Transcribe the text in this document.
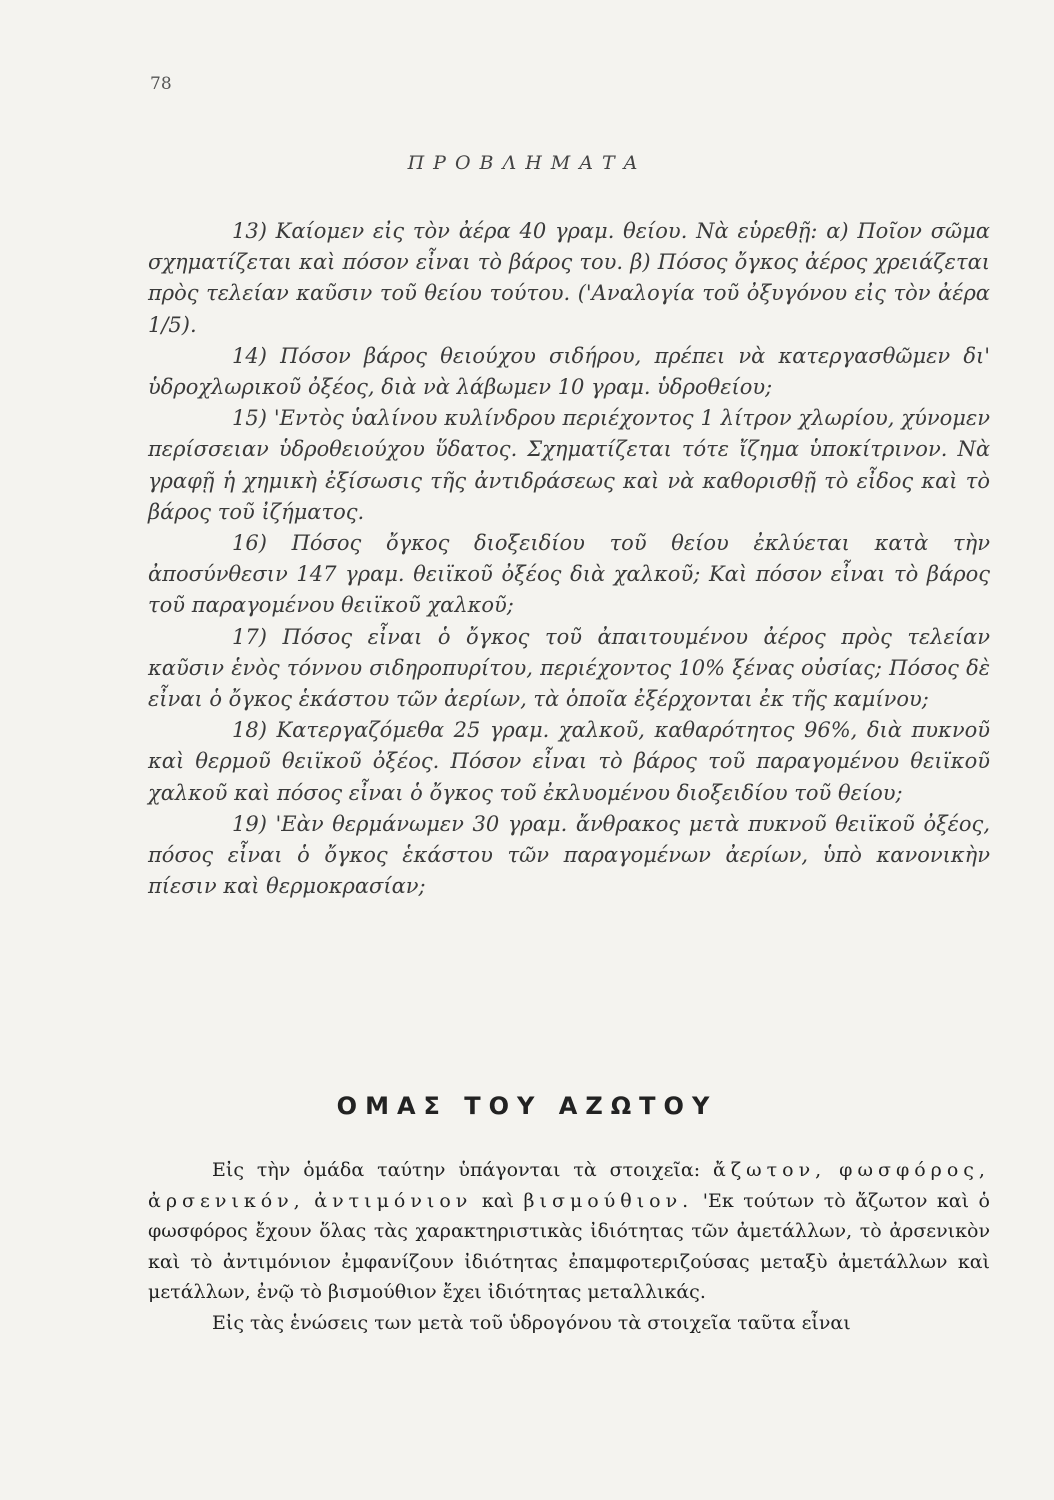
78
ΠΡΟΒΛΗΜΑΤΑ

13) Καίομεν εἰς τὸν ἀέρα 40 γραμ. θείου. Νὰ εὑρεθῇ: α) Ποῖον σῶμα σχηματίζεται καὶ πόσον εἶναι τὸ βάρος του. β) Πόσος ὄγκος ἀέρος χρειάζεται πρὸς τελείαν καῦσιν τοῦ θείου τούτου. ('Αναλογία τοῦ ὀξυγόνου εἰς τὸν ἀέρα 1/5).

14) Πόσον βάρος θειούχου σιδήρου, πρέπει νὰ κατεργασθῶμεν δι' ὑδροχλωρικοῦ ὀξέος, διὰ νὰ λάβωμεν 10 γραμ. ὑδροθείου;

15) 'Εντὸς ὑαλίνου κυλίνδρου περιέχοντος 1 λίτρον χλωρίου, χύνομεν περίσσειαν ὑδροθειούχου ὕδατος. Σχηματίζεται τότε ἴζημα ὑποκίτρινον. Νὰ γραφῇ ἡ χημικὴ ἐξίσωσις τῆς ἀντιδράσεως καὶ νὰ καθορισθῇ τὸ εἶδος καὶ τὸ βάρος τοῦ ἰζήματος.

16) Πόσος ὄγκος διοξειδίου τοῦ θείου ἐκλύεται κατὰ τὴν ἀποσύνθεσιν 147 γραμ. θειϊκοῦ ὀξέος διὰ χαλκοῦ; Καὶ πόσον εἶναι τὸ βάρος τοῦ παραγομένου θειϊκοῦ χαλκοῦ;

17) Πόσος εἶναι ὁ ὄγκος τοῦ ἀπαιτουμένου ἀέρος πρὸς τελείαν καῦσιν ἑνὸς τόννου σιδηροπυρίτου, περιέχοντος 10% ξένας οὐσίας; Πόσος δὲ εἶναι ὁ ὄγκος ἑκάστου τῶν ἀερίων, τὰ ὁποῖα ἐξέρχονται ἐκ τῆς καμίνου;

18) Κατεργαζόμεθα 25 γραμ. χαλκοῦ, καθαρότητος 96%, διὰ πυκνοῦ καὶ θερμοῦ θειϊκοῦ ὀξέος. Πόσον εἶναι τὸ βάρος τοῦ παραγομένου θειϊκοῦ χαλκοῦ καὶ πόσος εἶναι ὁ ὄγκος τοῦ ἐκλυομένου διοξειδίου τοῦ θείου;

19) 'Εὰν θερμάνωμεν 30 γραμ. ἄνθρακος μετὰ πυκνοῦ θειϊκοῦ ὀξέος, πόσος εἶναι ὁ ὄγκος ἑκάστου τῶν παραγομένων ἀερίων, ὑπὸ κανονικὴν πίεσιν καὶ θερμοκρασίαν;

ΟΜΑΣ ΤΟΥ ΑΖΩΤΟΥ

Εἰς τὴν ὁμάδα ταύτην ὑπάγονται τὰ στοιχεῖα: ἄζωτον, φωσφόρος, ἀρσενικόν, ἀντιμόνιον καὶ βισμούθιον. 'Εκ τούτων τὸ ἄζωτον καὶ ὁ φωσφόρος ἔχουν ὅλας τὰς χαρακτηριστικὰς ἰδιότητας τῶν ἀμετάλλων, τὸ ἀρσενικὸν καὶ τὸ ἀντιμόνιον ἐμφανίζουν ἰδιότητας ἐπαμφοτεριζούσας μεταξὺ ἀμετάλλων καὶ μετάλλων, ἐνῷ τὸ βισμούθιον ἔχει ἰδιότητας μεταλλικάς.

Εἰς τὰς ἑνώσεις των μετὰ τοῦ ὑδρογόνου τὰ στοιχεῖα ταῦτα εἶναι
